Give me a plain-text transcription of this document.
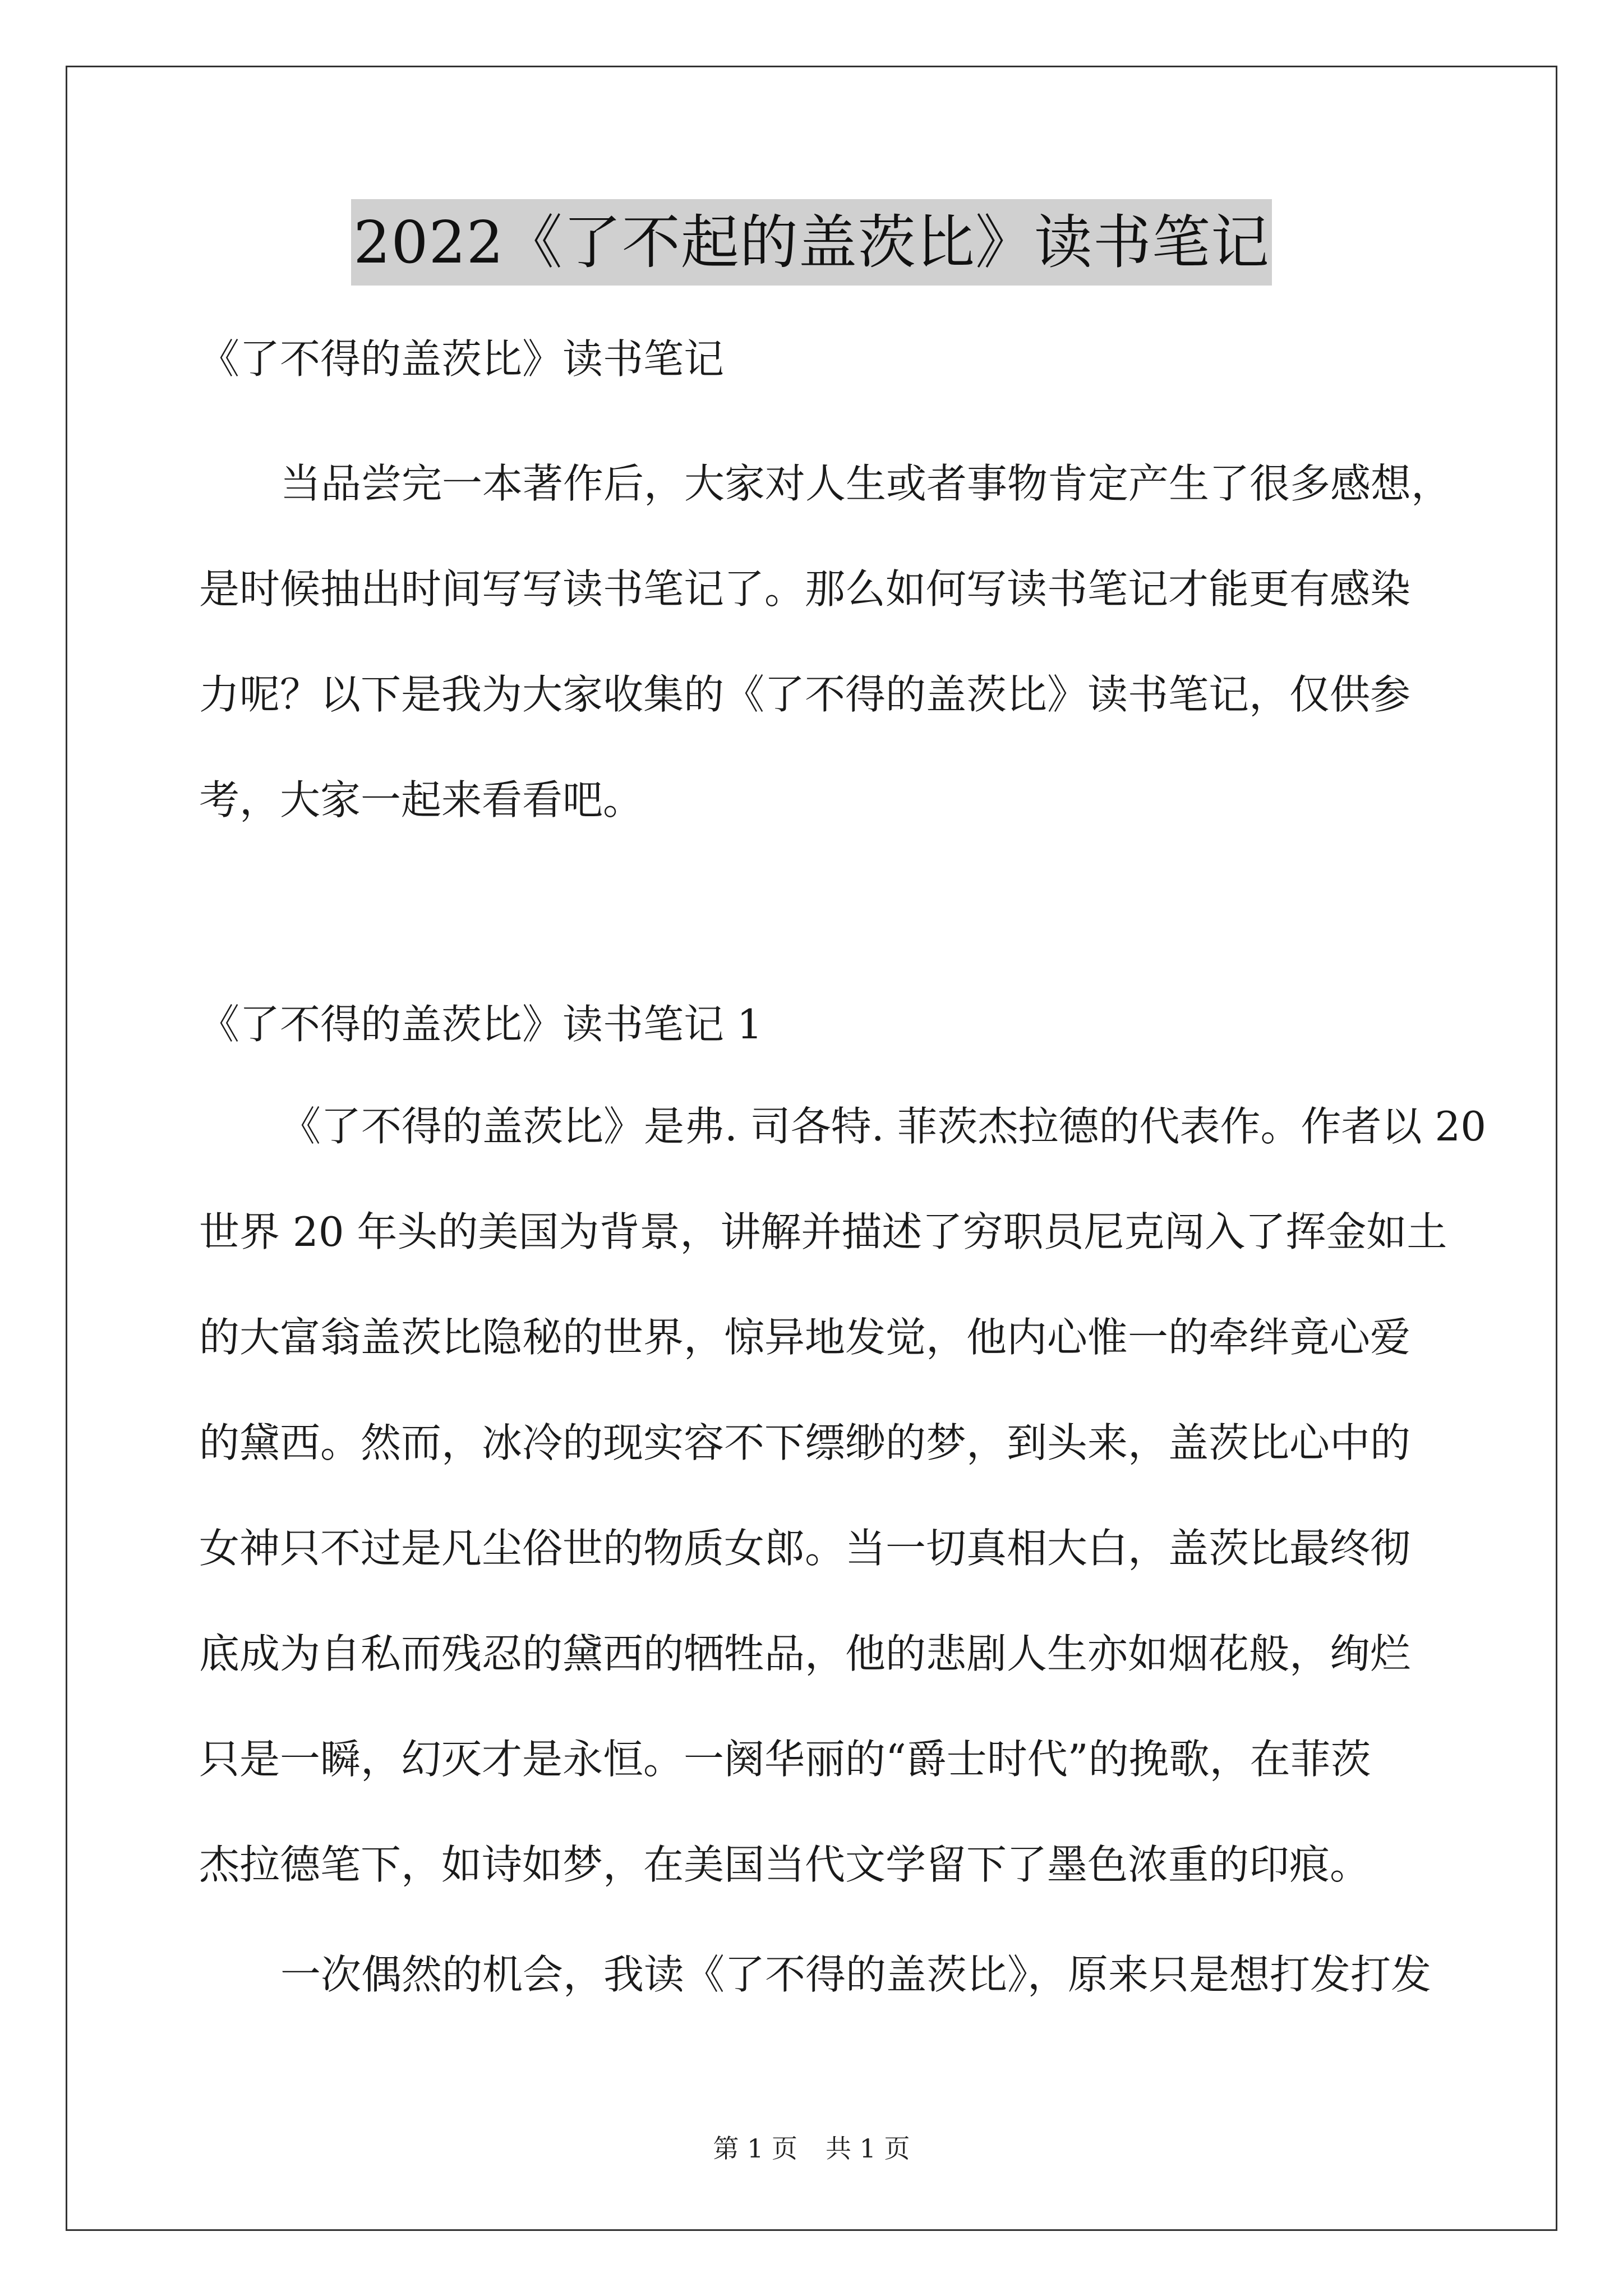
2022《了不起的盖茨比》读书笔记
《了不得的盖茨比》读书笔记
当品尝完一本著作后，大家对人生或者事物肯定产生了很多感想，
是时候抽出时间写写读书笔记了。那么如何写读书笔记才能更有感染
力呢？以下是我为大家收集的《了不得的盖茨比》读书笔记，仅供参
考，大家一起来看看吧。
《了不得的盖茨比》读书笔记 1
《了不得的盖茨比》是弗. 司各特. 菲茨杰拉德的代表作。作者以 20
世界 20 年头的美国为背景，讲解并描述了穷职员尼克闯入了挥金如土
的大富翁盖茨比隐秘的世界，惊异地发觉，他内心惟一的牵绊竟心爱
的黛西。然而，冰冷的现实容不下缥缈的梦，到头来，盖茨比心中的
女神只不过是凡尘俗世的物质女郎。当一切真相大白，盖茨比最终彻
底成为自私而残忍的黛西的牺牲品，他的悲剧人生亦如烟花般，绚烂
只是一瞬，幻灭才是永恒。一阕华丽的“爵士时代”的挽歌，在菲茨
杰拉德笔下，如诗如梦，在美国当代文学留下了墨色浓重的印痕。
一次偶然的机会，我读《了不得的盖茨比》，原来只是想打发打发
第 1 页 共 1 页
